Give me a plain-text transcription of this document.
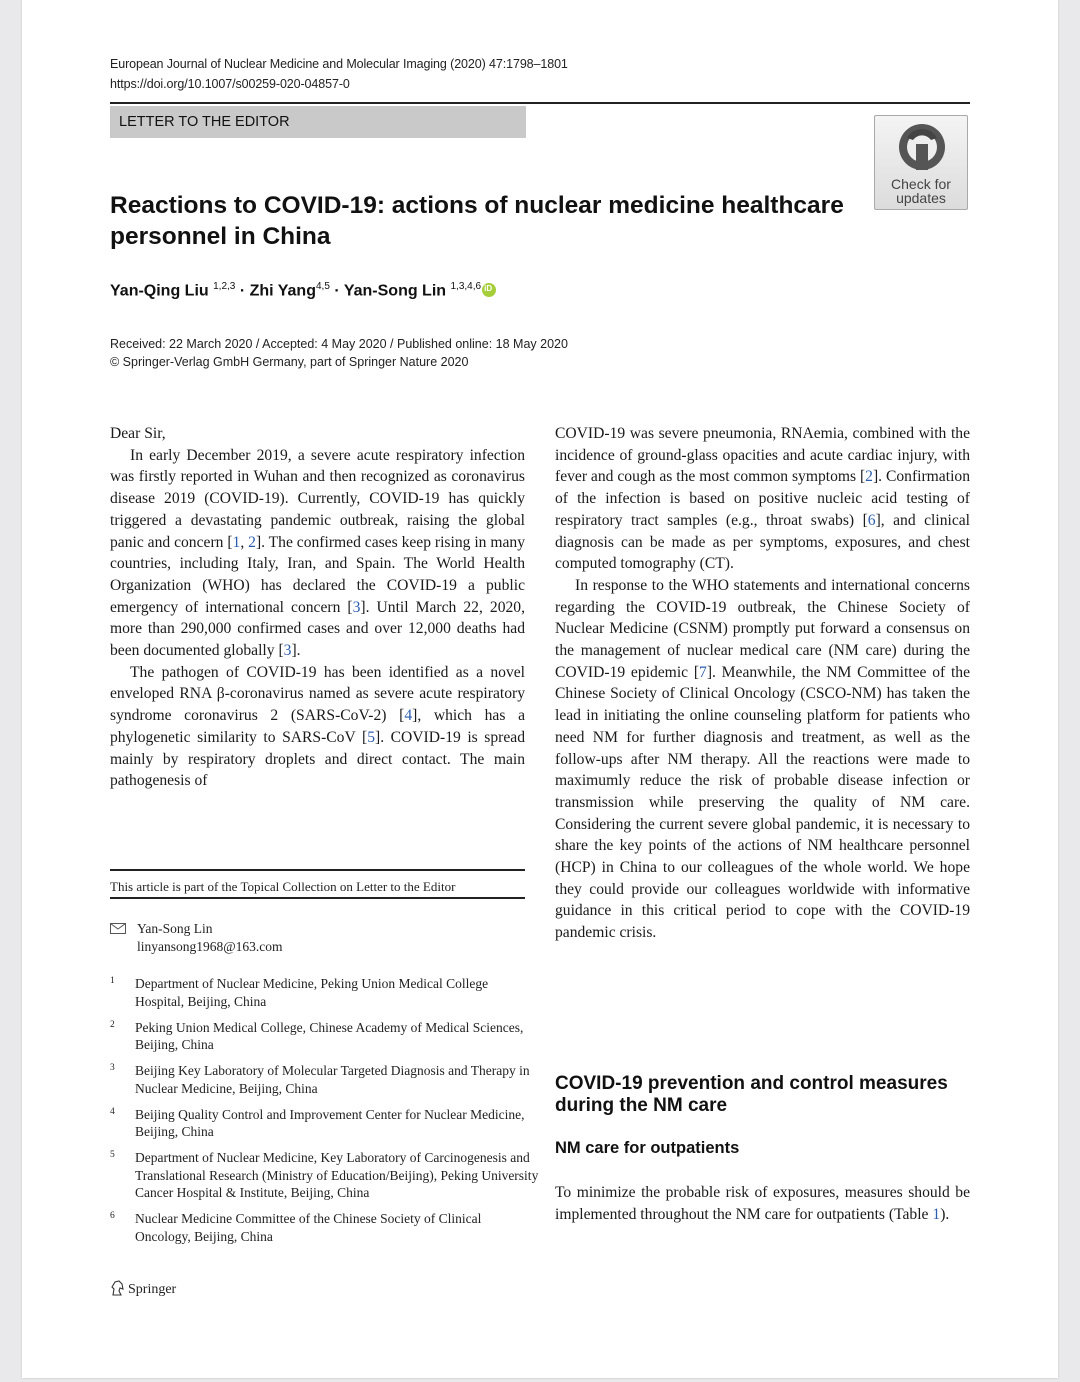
European Journal of Nuclear Medicine and Molecular Imaging (2020) 47:1798–1801
https://doi.org/10.1007/s00259-020-04857-0
LETTER TO THE EDITOR
Check for
updates
Reactions to COVID-19: actions of nuclear medicine healthcare personnel in China
Yan-Qing Liu $^{1,2,3}$ · Zhi Yang$^{4,5}$ · Yan-Song Lin $^{1,3,4,6}$iD
Received: 22 March 2020 / Accepted: 4 May 2020 / Published online: 18 May 2020
© Springer-Verlag GmbH Germany, part of Springer Nature 2020

Dear Sir,

In early December 2019, a severe acute respiratory infection was firstly reported in Wuhan and then recognized as coronavirus disease 2019 (COVID-19). Currently, COVID-19 has quickly triggered a devastating pandemic outbreak, raising the global panic and concern [1, 2]. The confirmed cases keep rising in many countries, including Italy, Iran, and Spain. The World Health Organization (WHO) has declared the COVID-19 a public emergency of international concern [3]. Until March 22, 2020, more than 290,000 confirmed cases and over 12,000 deaths had been documented globally [3].

The pathogen of COVID-19 has been identified as a novel enveloped RNA β-coronavirus named as severe acute respiratory syndrome coronavirus 2 (SARS-CoV-2) [4], which has a phylogenetic similarity to SARS-CoV [5]. COVID-19 is spread mainly by respiratory droplets and direct contact. The main pathogenesis of

COVID-19 was severe pneumonia, RNAemia, combined with the incidence of ground-glass opacities and acute cardiac injury, with fever and cough as the most common symptoms [2]. Confirmation of the infection is based on positive nucleic acid testing of respiratory tract samples (e.g., throat swabs) [6], and clinical diagnosis can be made as per symptoms, exposures, and chest computed tomography (CT).

In response to the WHO statements and international concerns regarding the COVID-19 outbreak, the Chinese Society of Nuclear Medicine (CSNM) promptly put forward a consensus on the management of nuclear medical care (NM care) during the COVID-19 epidemic [7]. Meanwhile, the NM Committee of the Chinese Society of Clinical Oncology (CSCO-NM) has taken the lead in initiating the online counseling platform for patients who need NM for further diagnosis and treatment, as well as the follow-ups after NM therapy. All the reactions were made to maximumly reduce the risk of probable disease infection or transmission while preserving the quality of NM care. Considering the current severe global pandemic, it is necessary to share the key points of the actions of NM healthcare personnel (HCP) in China to our colleagues of the whole world. We hope they could provide our colleagues worldwide with informative guidance in this critical period to cope with the COVID-19 pandemic crisis.

This article is part of the Topical Collection on Letter to the Editor
Yan-Song Lin
linyansong1968@163.com
1 Department of Nuclear Medicine, Peking Union Medical College Hospital, Beijing, China
2 Peking Union Medical College, Chinese Academy of Medical Sciences, Beijing, China
3 Beijing Key Laboratory of Molecular Targeted Diagnosis and Therapy in Nuclear Medicine, Beijing, China
4 Beijing Quality Control and Improvement Center for Nuclear Medicine, Beijing, China
5 Department of Nuclear Medicine, Key Laboratory of Carcinogenesis and Translational Research (Ministry of Education/Beijing), Peking University Cancer Hospital & Institute, Beijing, China
6 Nuclear Medicine Committee of the Chinese Society of Clinical Oncology, Beijing, China
COVID-19 prevention and control measures during the NM care
NM care for outpatients
To minimize the probable risk of exposures, measures should be implemented throughout the NM care for outpatients (Table 1).
Springer
